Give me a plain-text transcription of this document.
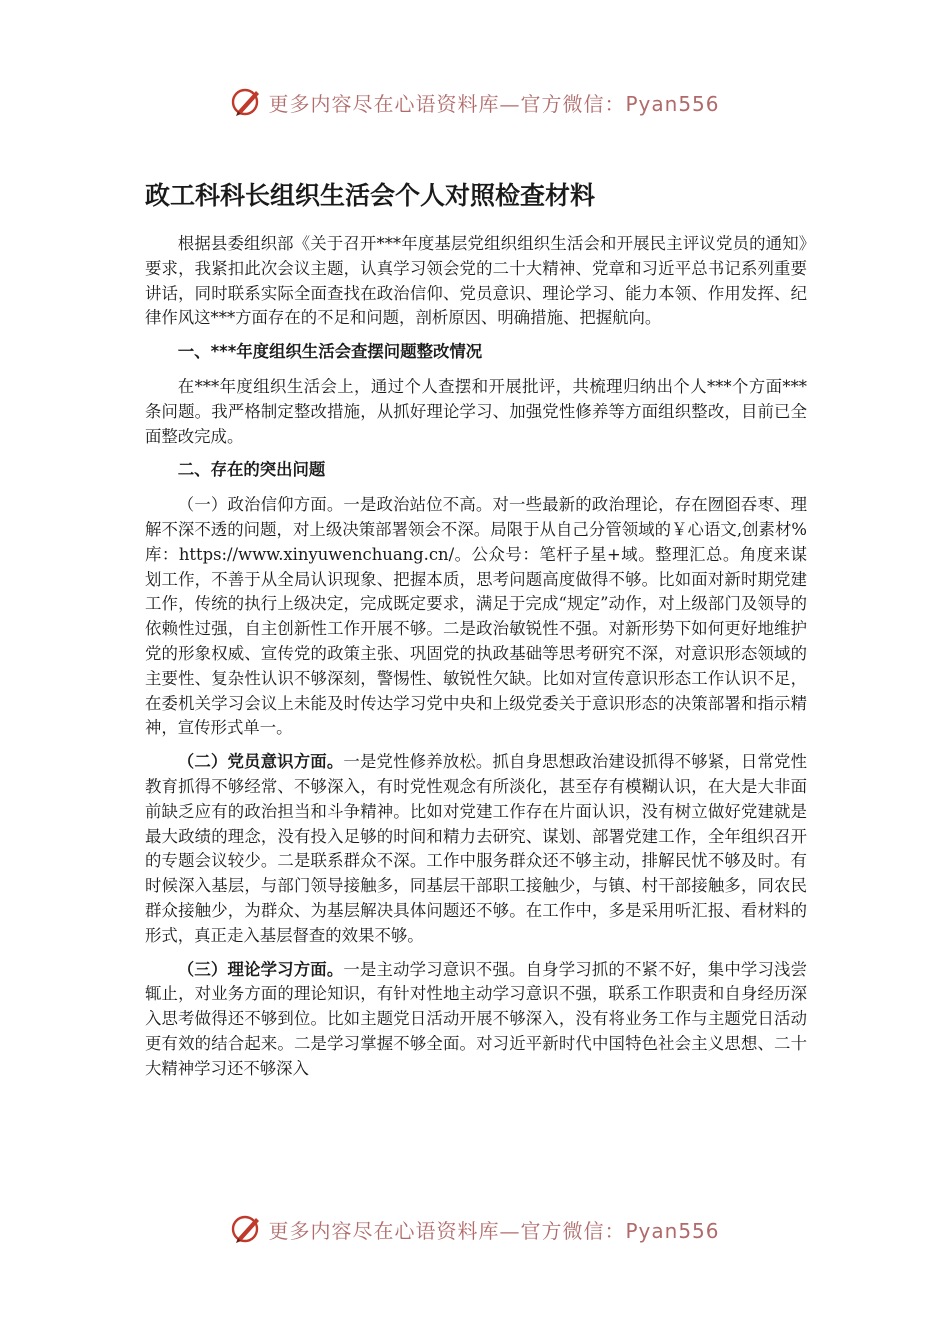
更多内容尽在心语资料库—官方微信：Pyan556
政工科科长组织生活会个人对照检查材料

根据县委组织部《关于召开***年度基层党组织组织生活会和开展民主评议党员的通知》要求，我紧扣此次会议主题，认真学习领会党的二十大精神、党章和习近平总书记系列重要讲话，同时联系实际全面查找在政治信仰、党员意识、理论学习、能力本领、作用发挥、纪律作风这***方面存在的不足和问题，剖析原因、明确措施、把握航向。

一、***年度组织生活会查摆问题整改情况

在***年度组织生活会上，通过个人查摆和开展批评，共梳理归纳出个人***个方面***条问题。我严格制定整改措施，从抓好理论学习、加强党性修养等方面组织整改，目前已全面整改完成。

二、存在的突出问题

（一）政治信仰方面。一是政治站位不高。对一些最新的政治理论，存在囫囵吞枣、理解不深不透的问题，对上级决策部署领会不深。局限于从自己分管领域的￥心语文,创素材%库：https://www.xinyuwenchuang.cn/。公众号：笔杆子星+域。整理汇总。角度来谋划工作，不善于从全局认识现象、把握本质，思考问题高度做得不够。比如面对新时期党建工作，传统的执行上级决定，完成既定要求，满足于完成“规定”动作，对上级部门及领导的依赖性过强，自主创新性工作开展不够。二是政治敏锐性不强。对新形势下如何更好地维护党的形象权威、宣传党的政策主张、巩固党的执政基础等思考研究不深，对意识形态领域的主要性、复杂性认识不够深刻，警惕性、敏锐性欠缺。比如对宣传意识形态工作认识不足，在委机关学习会议上未能及时传达学习党中央和上级党委关于意识形态的决策部署和指示精神，宣传形式单一。

（二）党员意识方面。一是党性修养放松。抓自身思想政治建设抓得不够紧，日常党性教育抓得不够经常、不够深入，有时党性观念有所淡化，甚至存有模糊认识，在大是大非面前缺乏应有的政治担当和斗争精神。比如对党建工作存在片面认识，没有树立做好党建就是最大政绩的理念，没有投入足够的时间和精力去研究、谋划、部署党建工作，全年组织召开的专题会议较少。二是联系群众不深。工作中服务群众还不够主动，排解民忧不够及时。有时候深入基层，与部门领导接触多，同基层干部职工接触少，与镇、村干部接触多，同农民群众接触少，为群众、为基层解决具体问题还不够。在工作中，多是采用听汇报、看材料的形式，真正走入基层督查的效果不够。

（三）理论学习方面。一是主动学习意识不强。自身学习抓的不紧不好，集中学习浅尝辄止，对业务方面的理论知识，有针对性地主动学习意识不强，联系工作职责和自身经历深入思考做得还不够到位。比如主题党日活动开展不够深入，没有将业务工作与主题党日活动更有效的结合起来。二是学习掌握不够全面。对习近平新时代中国特色社会主义思想、二十大精神学习还不够深入

更多内容尽在心语资料库—官方微信：Pyan556
